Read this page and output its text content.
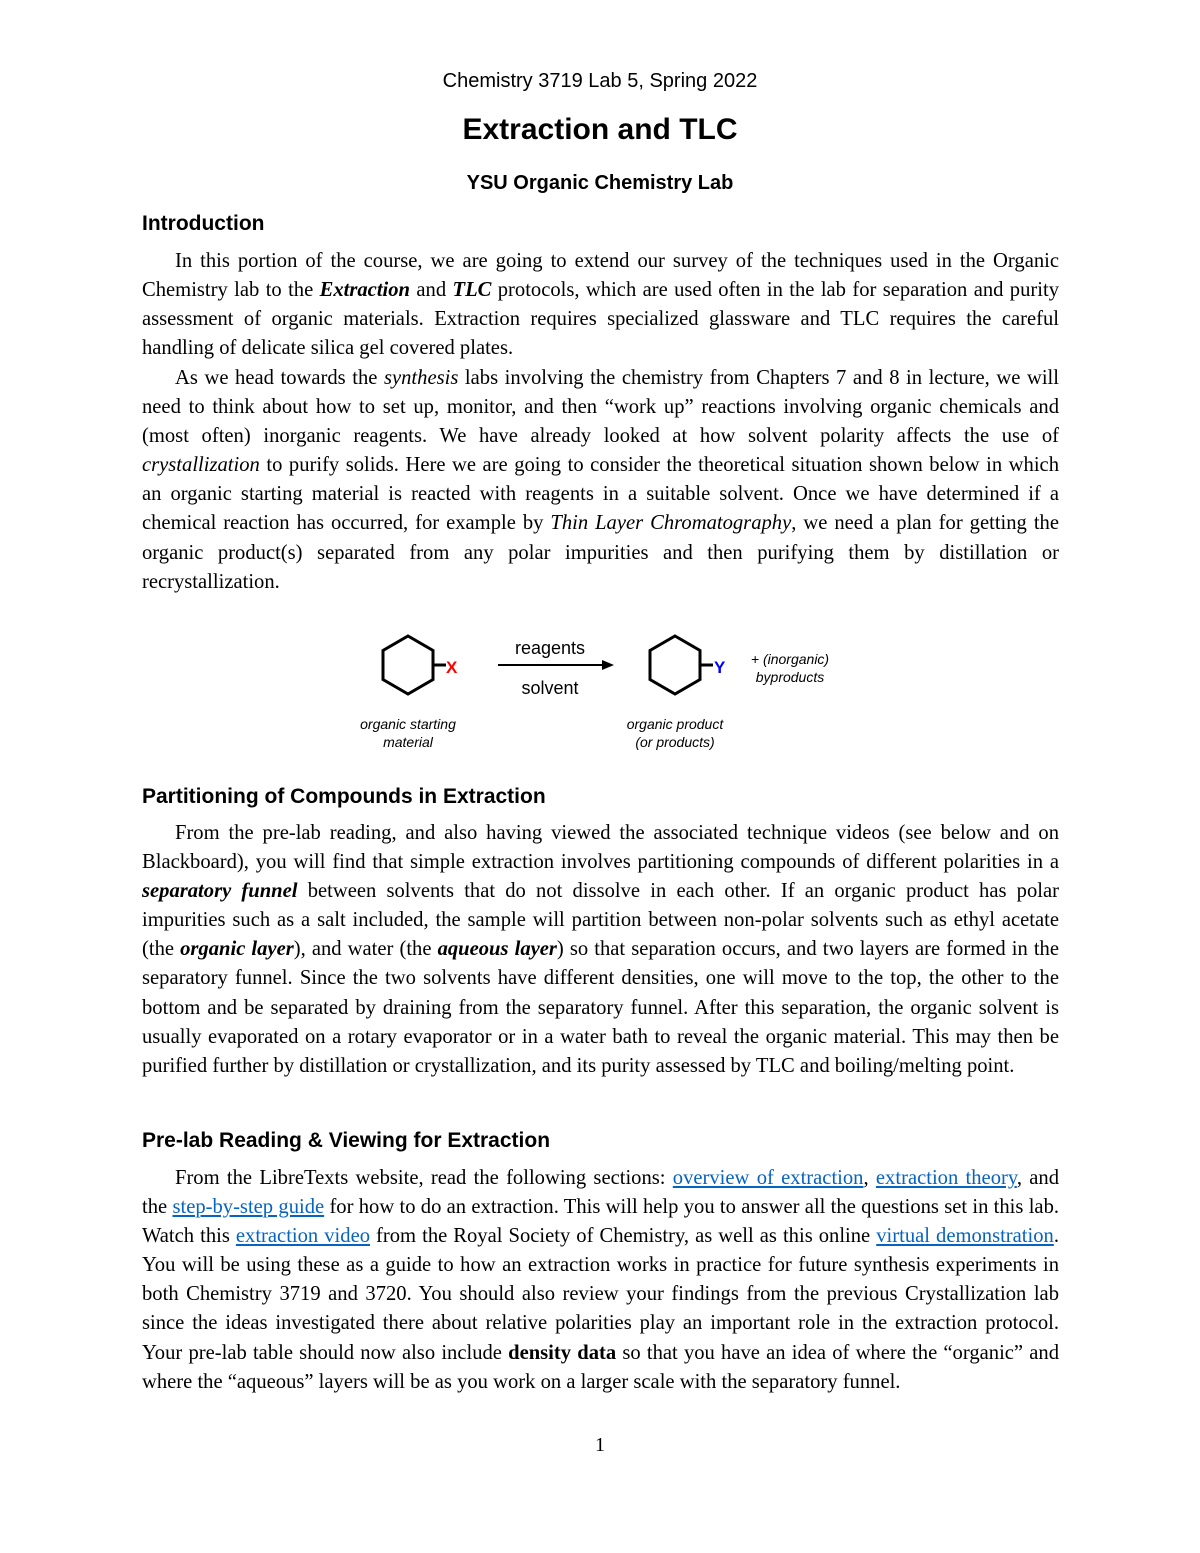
Chemistry 3719 Lab 5, Spring 2022
Extraction and TLC
YSU Organic Chemistry Lab
Introduction

In this portion of the course, we are going to extend our survey of the techniques used in the Organic Chemistry lab to the Extraction and TLC protocols, which are used often in the lab for separation and purity assessment of organic materials. Extraction requires specialized glassware and TLC requires the careful handling of delicate silica gel covered plates.

As we head towards the synthesis labs involving the chemistry from Chapters 7 and 8 in lecture, we will need to think about how to set up, monitor, and then “work up” reactions involving organic chemicals and (most often) inorganic reagents. We have already looked at how solvent polarity affects the use of crystallization to purify solids. Here we are going to consider the theoretical situation shown below in which an organic starting material is reacted with reagents in a suitable solvent. Once we have determined if a chemical reaction has occurred, for example by Thin Layer Chromatography, we need a plan for getting the organic product(s) separated from any polar impurities and then purifying them by distillation or recrystallization.

X
reagents
solvent
Y + (inorganic)
byproducts
organic starting
material
organic product
(or products)
Partitioning of Compounds in Extraction

From the pre-lab reading, and also having viewed the associated technique videos (see below and on Blackboard), you will find that simple extraction involves partitioning compounds of different polarities in a separatory funnel between solvents that do not dissolve in each other. If an organic product has polar impurities such as a salt included, the sample will partition between non-polar solvents such as ethyl acetate (the organic layer), and water (the aqueous layer) so that separation occurs, and two layers are formed in the separatory funnel. Since the two solvents have different densities, one will move to the top, the other to the bottom and be separated by draining from the separatory funnel. After this separation, the organic solvent is usually evaporated on a rotary evaporator or in a water bath to reveal the organic material. This may then be purified further by distillation or crystallization, and its purity assessed by TLC and boiling/melting point.

Pre-lab Reading & Viewing for Extraction

From the LibreTexts website, read the following sections: overview of extraction, extraction theory, and the step-by-step guide for how to do an extraction. This will help you to answer all the questions set in this lab. Watch this extraction video from the Royal Society of Chemistry, as well as this online virtual demonstration. You will be using these as a guide to how an extraction works in practice for future synthesis experiments in both Chemistry 3719 and 3720. You should also review your findings from the previous Crystallization lab since the ideas investigated there about relative polarities play an important role in the extraction protocol. Your pre-lab table should now also include density data so that you have an idea of where the “organic” and where the “aqueous” layers will be as you work on a larger scale with the separatory funnel.

1
